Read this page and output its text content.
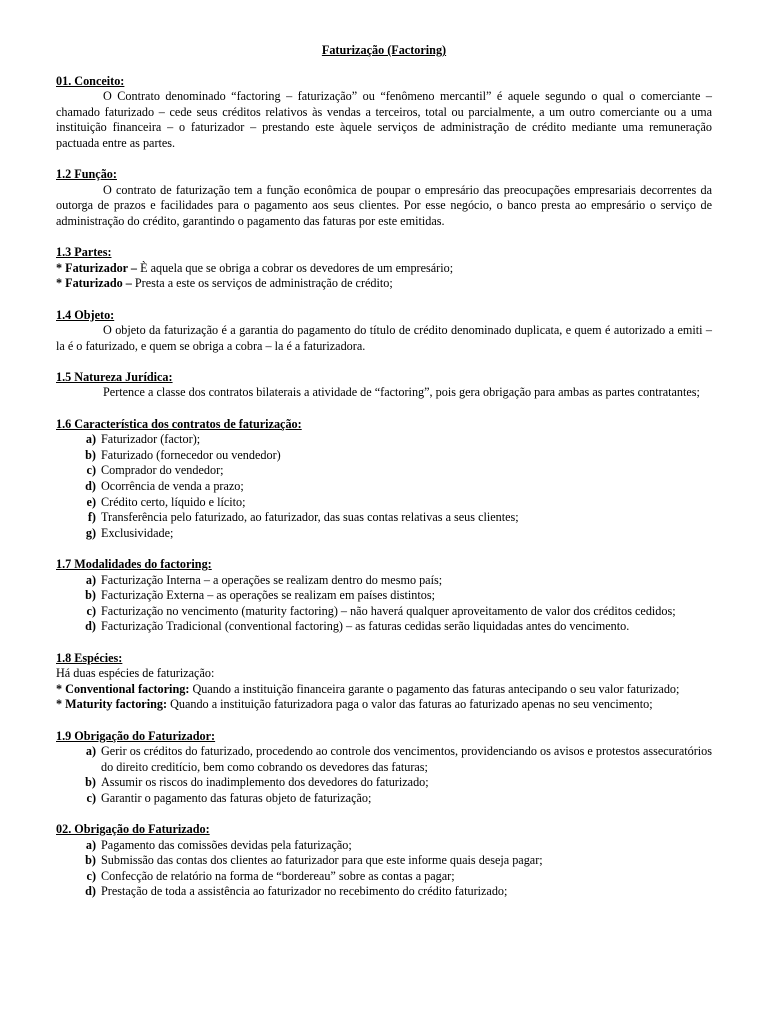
Faturização (Factoring)
01. Conceito:
O Contrato denominado “factoring – faturização” ou “fenômeno mercantil” é aquele segundo o qual o comerciante – chamado faturizado – cede seus créditos relativos às vendas a terceiros, total ou parcialmente, a um outro comerciante ou a uma instituição financeira – o faturizador – prestando este àquele serviços de administração de crédito mediante uma remuneração pactuada entre as partes.
1.2 Função:
O contrato de faturização tem a função econômica de poupar o empresário das preocupações empresariais decorrentes da outorga de prazos e facilidades para o pagamento aos seus clientes. Por esse negócio, o banco presta ao empresário o serviço de administração do crédito, garantindo o pagamento das faturas por este emitidas.
1.3 Partes:
* Faturizador – È aquela que se obriga a cobrar os devedores de um empresário;
* Faturizado – Presta a este os serviços de administração de crédito;
1.4 Objeto:
O objeto da faturização é a garantia do pagamento do título de crédito denominado duplicata, e quem é autorizado a emiti – la é o faturizado, e quem se obriga a cobra – la é a faturizadora.
1.5 Natureza Jurídica:
Pertence a classe dos contratos bilaterais a atividade de “factoring”, pois gera obrigação para ambas as partes contratantes;
1.6 Característica dos contratos de faturização:
a) Faturizador (factor);
b) Faturizado (fornecedor ou vendedor)
c) Comprador do vendedor;
d) Ocorrência de venda a prazo;
e) Crédito certo, líquido e lícito;
f) Transferência pelo faturizado, ao faturizador, das suas contas relativas a seus clientes;
g) Exclusividade;
1.7 Modalidades do factoring:
a) Facturização Interna – a operações se realizam dentro do mesmo país;
b) Facturização Externa – as operações se realizam em países distintos;
c) Facturização no vencimento (maturity factoring) – não haverá qualquer aproveitamento de valor dos créditos cedidos;
d) Facturização Tradicional (conventional factoring) – as faturas cedidas serão liquidadas antes do vencimento.
1.8 Espécies:
Há duas espécies de faturização:
* Conventional factoring: Quando a instituição financeira garante o pagamento das faturas antecipando o seu valor faturizado;
* Maturity factoring: Quando a instituição faturizadora paga o valor das faturas ao faturizado apenas no seu vencimento;
1.9 Obrigação do Faturizador:
a) Gerir os créditos do faturizado, procedendo ao controle dos vencimentos, providenciando os avisos e protestos assecuratórios do direito creditício, bem como cobrando os devedores das faturas;
b) Assumir os riscos do inadimplemento dos devedores do faturizado;
c) Garantir o pagamento das faturas objeto de faturização;
02. Obrigação do Faturizado:
a) Pagamento das comissões devidas pela faturização;
b) Submissão das contas dos clientes ao faturizador para que este informe quais deseja pagar;
c) Confecção de relatório na forma de “bordereau” sobre as contas a pagar;
d) Prestação de toda a assistência ao faturizador no recebimento do crédito faturizado;
